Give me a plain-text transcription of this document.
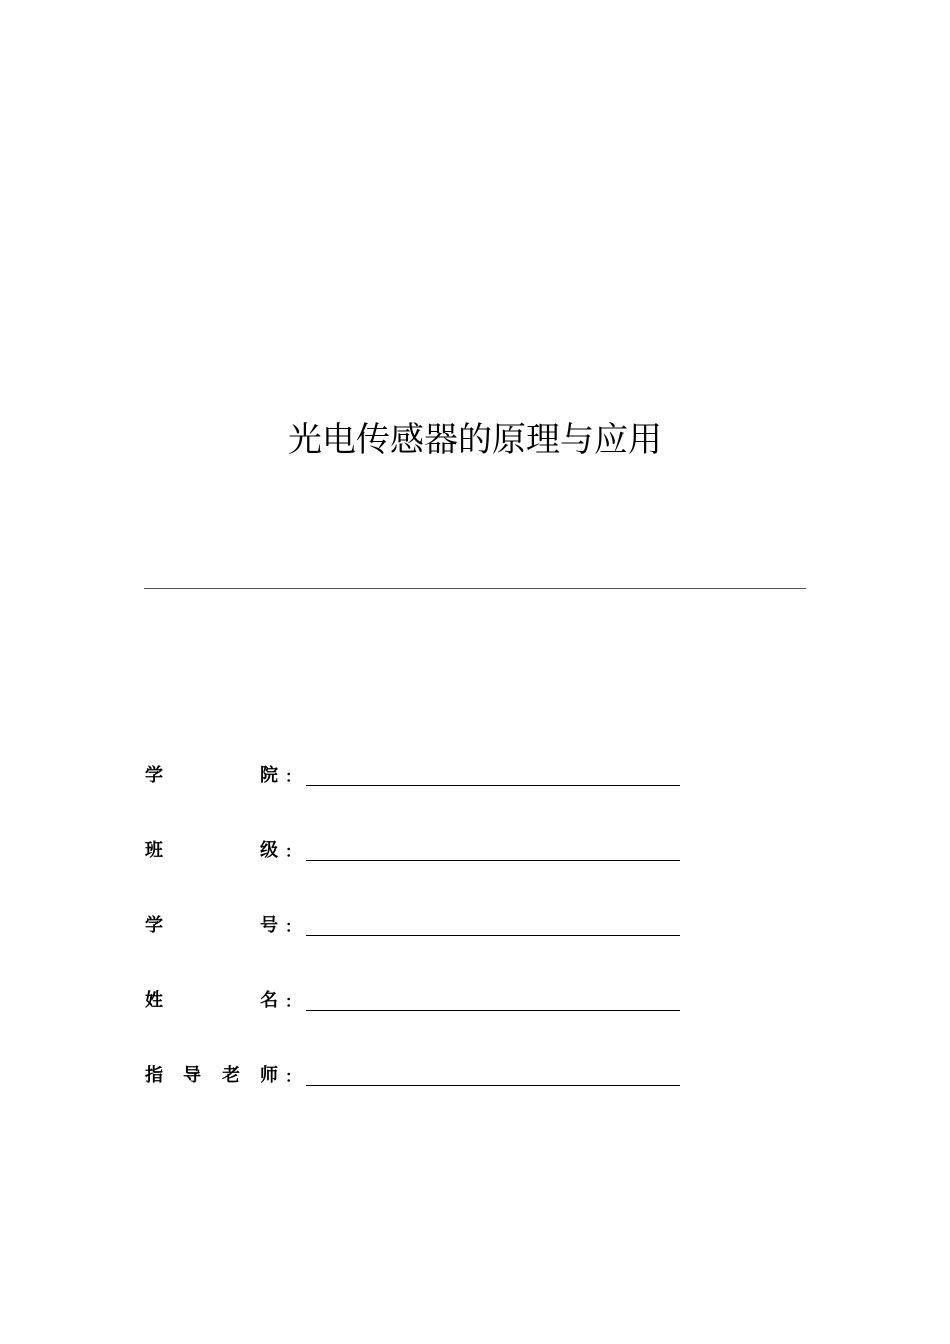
光电传感器的原理与应用
学	院 ：
班	级 ：
学	号 ：
姓	名 ：
指 导 老 师 ：
